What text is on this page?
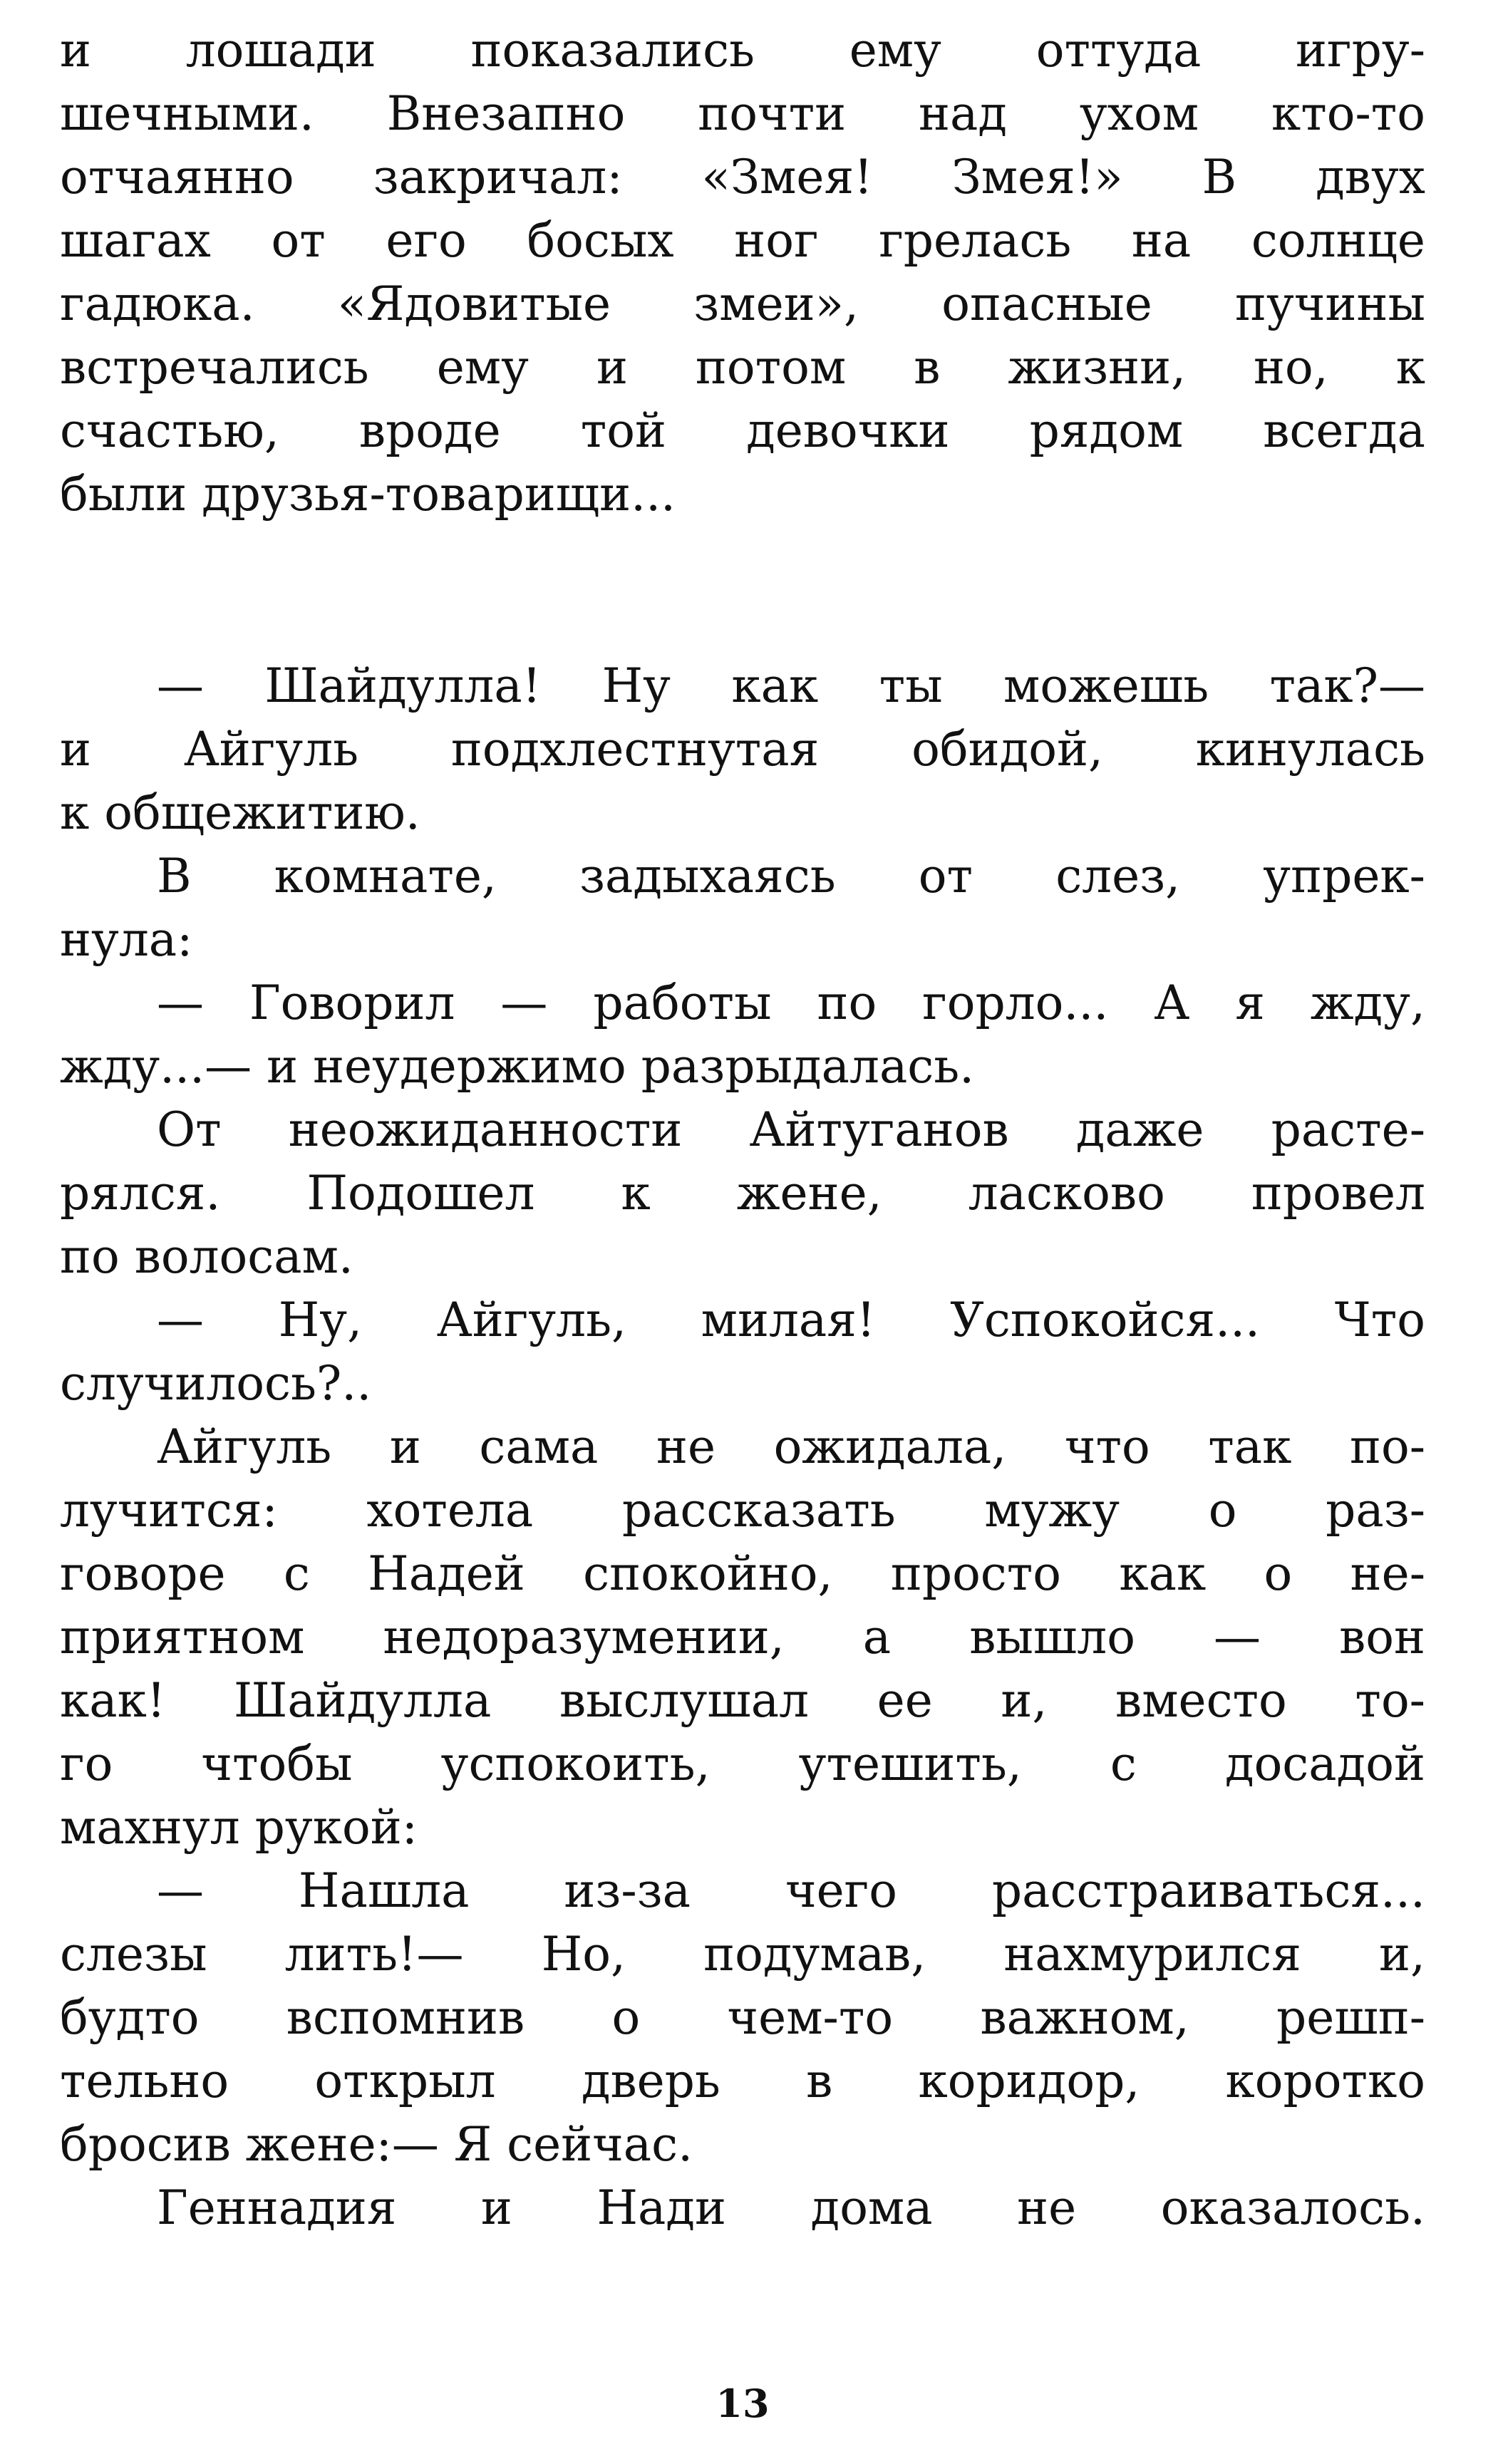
и лошади показались ему оттуда игру-
шечными. Внезапно почти над ухом кто-то
отчаянно закричал: «Змея! Змея!» В двух
шагах от его босых ног грелась на солнце
гадюка. «Ядовитые змеи», опасные пучины
встречались ему и потом в жизни, но, к
счастью, вроде той девочки рядом всегда
были друзья-товарищи...
— Шайдулла! Ну как ты можешь так?—
и Айгуль подхлестнутая обидой, кинулась
к общежитию.
В комнате, задыхаясь от слез, упрек-
нула:
— Говорил — работы по горло... А я жду,
жду...— и неудержимо разрыдалась.
От неожиданности Айтуганов даже расте-
рялся. Подошел к жене, ласково провел
по волосам.
— Ну, Айгуль, милая! Успокойся... Что
случилось?..
Айгуль и сама не ожидала, что так по-
лучится: хотела рассказать мужу о раз-
говоре с Надей спокойно, просто как о не-
приятном недоразумении, а вышло — вон
как! Шайдулла выслушал ее и, вместо то-
го чтобы успокоить, утешить, с досадой
махнул рукой:
— Нашла из-за чего расстраиваться...
слезы лить!— Но, подумав, нахмурился и,
будто вспомнив о чем-то важном, решп-
тельно открыл дверь в коридор, коротко
бросив жене:— Я сейчас.
Геннадия и Нади дома не оказалось.
13
